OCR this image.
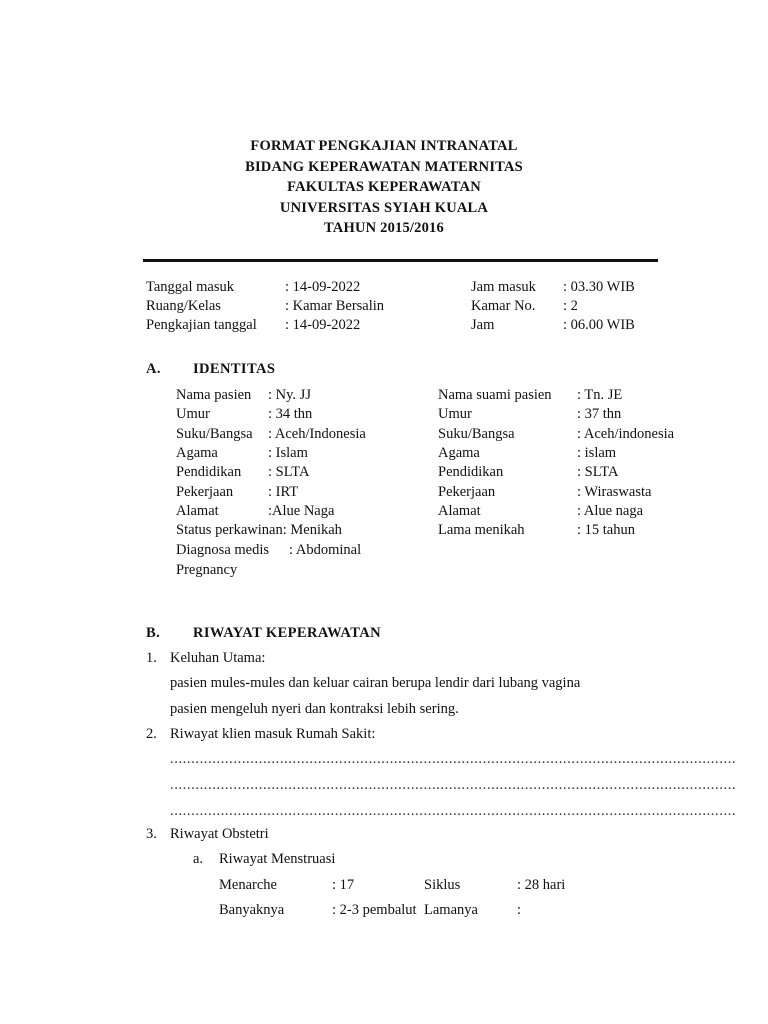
FORMAT PENGKAJIAN INTRANATAL
BIDANG KEPERAWATAN MATERNITAS
FAKULTAS KEPERAWATAN
UNIVERSITAS SYIAH KUALA
TAHUN 2015/2016
Tanggal masuk	: 14-09-2022
Ruang/Kelas	: Kamar Bersalin
Pengkajian tanggal : 14-09-2022
Jam masuk : 03.30 WIB
Kamar No. : 2
Jam	: 06.00 WIB
A. IDENTITAS
Nama pasien : Ny. JJ
Umur	: 34 thn
Suku/Bangsa : Aceh/Indonesia
Agama	: Islam
Pendidikan : SLTA
Pekerjaan : IRT
Alamat	:Alue Naga
Status perkawinan: Menikah
Diagnosa medis : Abdominal
Pregnancy
Nama suami pasien : Tn. JE
Umur	: 37 thn
Suku/Bangsa	: Aceh/indonesia
Agama	: islam
Pendidikan	: SLTA
Pekerjaan	: Wiraswasta
Alamat	: Alue naga
Lama menikah	: 15 tahun
B. RIWAYAT KEPERAWATAN
1. Keluhan Utama:
pasien mules-mules dan keluar cairan berupa lendir dari lubang vagina
pasien mengeluh nyeri dan kontraksi lebih sering.
2. Riwayat klien masuk Rumah Sakit:
......................................................................................................................................
......................................................................................................................................
......................................................................................................................................
3. Riwayat Obstetri
a. Riwayat Menstruasi
Menarche	: 17	Siklus	: 28 hari
Banyaknya	: 2-3 pembalut Lamanya	:
